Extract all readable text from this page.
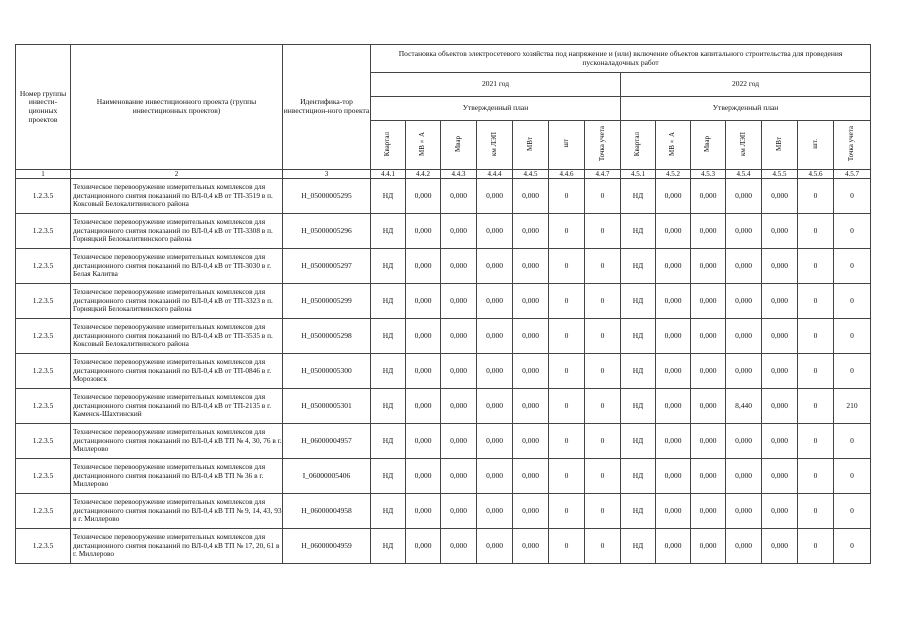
Номер группы инвести-ционных проектов	Наименование инвестиционного проекта (группы инвестиционных проектов)	Идентифика-тор инвестицион-ного проекта	Постановка объектов электросетевого хозяйства под напряжение и (или) включение объектов капитального строительства для проведения пусконаладочных работ													
			2021 год							2022 год						
			Утвержденный план							Утвержденный план						
			Квартал	МВ×А	Мвар	км ЛЭП	МВт	шт	Точка учета	Квартал	МВ×А	Мвар	км ЛЭП	МВт	шт.	Точка учета
1	2	3	4.4.1	4.4.2	4.4.3	4.4.4	4.4.5	4.4.6	4.4.7	4.5.1	4.5.2	4.5.3	4.5.4	4.5.5	4.5.6	4.5.7
1.2.3.5	Техническое перевооружение измерительных комплексов для дистанционного снятия показаний по ВЛ-0,4 кВ от ТП-3519 в п. Коксовый Белокалитвинского района	Н_05000005295	НД	0,000	0,000	0,000	0,000	0	0	НД	0,000	0,000	0,000	0,000	0	0
1.2.3.5	Техническое перевооружение измерительных комплексов для дистанционного снятия показаний по ВЛ-0,4 кВ от ТП-3308 в п. Горняцкий Белокалитвинского района	Н_05000005296	НД	0,000	0,000	0,000	0,000	0	0	НД	0,000	0,000	0,000	0,000	0	0
1.2.3.5	Техническое перевооружение измерительных комплексов для дистанционного снятия показаний по ВЛ-0,4 кВ от ТП-3030 в г. Белая Калитва	Н_05000005297	НД	0,000	0,000	0,000	0,000	0	0	НД	0,000	0,000	0,000	0,000	0	0
1.2.3.5	Техническое перевооружение измерительных комплексов для дистанционного снятия показаний по ВЛ-0,4 кВ от ТП-3323 в п. Горняцкий Белокалитвинского района	Н_05000005299	НД	0,000	0,000	0,000	0,000	0	0	НД	0,000	0,000	0,000	0,000	0	0
1.2.3.5	Техническое перевооружение измерительных комплексов для дистанционного снятия показаний по ВЛ-0,4 кВ от ТП-3535 в п. Коксовый Белокалитвинского района	Н_05000005298	НД	0,000	0,000	0,000	0,000	0	0	НД	0,000	0,000	0,000	0,000	0	0
1.2.3.5	Техническое перевооружение измерительных комплексов для дистанционного снятия показаний по ВЛ-0,4 кВ от ТП-0846 в г. Морозовск	Н_05000005300	НД	0,000	0,000	0,000	0,000	0	0	НД	0,000	0,000	0,000	0,000	0	0
1.2.3.5	Техническое перевооружение измерительных комплексов для дистанционного снятия показаний по ВЛ-0,4 кВ от ТП-2135 в г. Каменск-Шахтинский	Н_05000005301	НД	0,000	0,000	0,000	0,000	0	0	НД	0,000	0,000	8,440	0,000	0	210
1.2.3.5	Техническое перевооружение измерительных комплексов для дистанционного снятия показаний по ВЛ-0,4 кВ ТП № 4, 30, 76 в г. Миллерово	Н_06000004957	НД	0,000	0,000	0,000	0,000	0	0	НД	0,000	0,000	0,000	0,000	0	0
1.2.3.5	Техническое перевооружение измерительных комплексов для дистанционного снятия показаний по ВЛ-0,4 кВ ТП № 36 в г. Миллерово	I_06000005406	НД	0,000	0,000	0,000	0,000	0	0	НД	0,000	0,000	0,000	0,000	0	0
1.2.3.5	Техническое перевооружение измерительных комплексов для дистанционного снятия показаний по ВЛ-0,4 кВ ТП № 9, 14, 43, 93 в г. Миллерово	Н_06000004958	НД	0,000	0,000	0,000	0,000	0	0	НД	0,000	0,000	0,000	0,000	0	0
1.2.3.5	Техническое перевооружение измерительных комплексов для дистанционного снятия показаний по ВЛ-0,4 кВ ТП № 17, 20, 61 в г. Миллерово	Н_06000004959	НД	0,000	0,000	0,000	0,000	0	0	НД	0,000	0,000	0,000	0,000	0	0
